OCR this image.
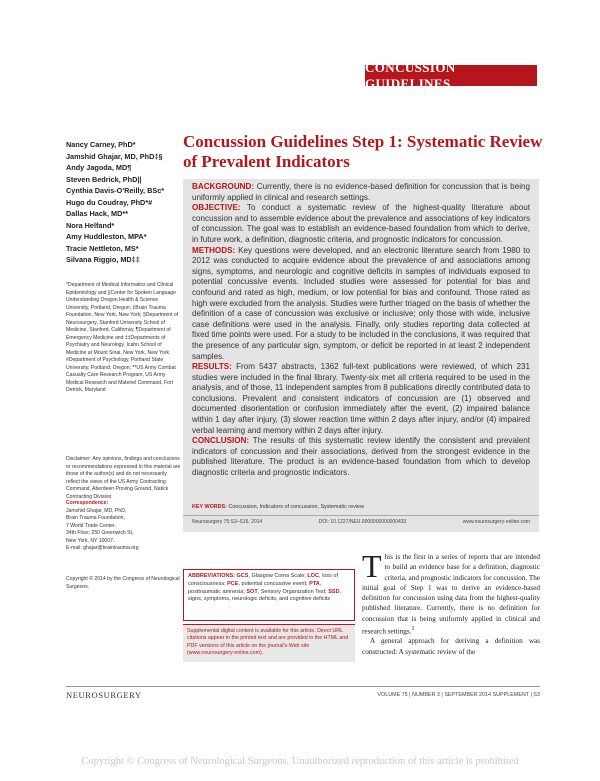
CONCUSSION GUIDELINES
Nancy Carney, PhD*
Jamshid Ghajar, MD, PhD‡§
Andy Jagoda, MD¶
Steven Bedrick, PhD||
Cynthia Davis-O'Reilly, BSc*
Hugo du Coudray, PhD*#
Dallas Hack, MD**
Nora Helfand*
Amy Huddleston, MPA*
Tracie Nettleton, MS*
Silvana Riggio, MD‡‡
*Department of Medical Informatics and Clinical Epidemiology and ||Center for Spoken Language Understanding Oregon Health & Science University, Portland, Oregon; ‡Brain Trauma Foundation, New York, New York; §Department of Neurosurgery, Stanford University School of Medicine, Stanford, California; ¶Department of Emergency Medicine and ‡‡Departments of Psychiatry and Neurology, Icahn School of Medicine at Mount Sinai, New York, New York #Department of Psychology, Portland State University, Portland, Oregon; **US Army Combat Casualty Care Research Program, US Army Medical Research and Materiel Command, Fort Detrick, Maryland
Disclaimer: Any opinions, findings and conclusions or recommendations expressed in this material are those of the author(s) and do not necessarily reflect the views of the US Army Contracting Command, Aberdeen Proving Ground, Natick Contracting Division.
Correspondence:
Jamshid Ghajar, MD, PhD,
Brain Trauma Foundation,
7 World Trade Center,
34th Floor, 250 Greenwich St,
New York, NY 10007.
E-mail: ghajar@braintrauma.org
Copyright © 2014 by the Congress of Neurological Surgeons.
Concussion Guidelines Step 1: Systematic Review of Prevalent Indicators

BACKGROUND: Currently, there is no evidence-based definition for concussion that is being uniformly applied in clinical and research settings.

OBJECTIVE: To conduct a systematic review of the highest-quality literature about concussion and to assemble evidence about the prevalence and associations of key indicators of concussion. The goal was to establish an evidence-based foundation from which to derive, in future work, a definition, diagnostic criteria, and prognostic indicators for concussion.

METHODS: Key questions were developed, and an electronic literature search from 1980 to 2012 was conducted to acquire evidence about the prevalence of and associations among signs, symptoms, and neurologic and cognitive deficits in samples of individuals exposed to potential concussive events. Included studies were assessed for potential for bias and confound and rated as high, medium, or low potential for bias and confound. Those rated as high were excluded from the analysis. Studies were further triaged on the basis of whether the definition of a case of concussion was exclusive or inclusive; only those with wide, inclusive case definitions were used in the analysis. Finally, only studies reporting data collected at fixed time points were used. For a study to be included in the conclusions, it was required that the presence of any particular sign, symptom, or deficit be reported in at least 2 independent samples.

RESULTS: From 5437 abstracts, 1362 full-text publications were reviewed, of which 231 studies were included in the final library. Twenty-six met all criteria required to be used in the analysis, and of those, 11 independent samples from 8 publications directly contributed data to conclusions. Prevalent and consistent indicators of concussion are (1) observed and documented disorientation or confusion immediately after the event, (2) impaired balance within 1 day after injury, (3) slower reaction time within 2 days after injury, and/or (4) impaired verbal learning and memory within 2 days after injury.

CONCLUSION: The results of this systematic review identify the consistent and prevalent indicators of concussion and their associations, derived from the strongest evidence in the published literature. The product is an evidence-based foundation from which to develop diagnostic criteria and prognostic indicators.

KEY WORDS: Concussion, Indicators of concussion, Systematic review
Neurosurgery 75:S3–S15, 2014	DOI: 10.1227/NEU.0000000000000433	www.neurosurgery-online.com
ABBREVIATIONS: GCS, Glasgow Coma Scale; LOC, loss of consciousness; PCE, potential concussive event; PTA, posttraumatic amnesia; SOT, Sensory Organization Test; SSD, signs, symptoms, neurologic deficits, and cognitive deficits
Supplemental digital content is available for this article. Direct URL citations appear in the printed text and are provided in the HTML and PDF versions of this article on the journal's Web site (www.neurosurgery-online.com).

This is the first in a series of reports that are intended to build an evidence base for a definition, diagnostic criteria, and prognostic indicators for concussion. The initial goal of Step 1 was to derive an evidence-based definition for concussion using data from the highest-quality published literature. Currently, there is no definition for concussion that is being uniformly applied in clinical and research settings.$^1$

A general approach for deriving a definition was constructed: A systematic review of the

NEUROSURGERY	VOLUME 75 | NUMBER 3 | SEPTEMBER 2014 SUPPLEMENT | S3
Copyright © Congress of Neurological Surgeons. Unauthorized reproduction of this article is prohibited
